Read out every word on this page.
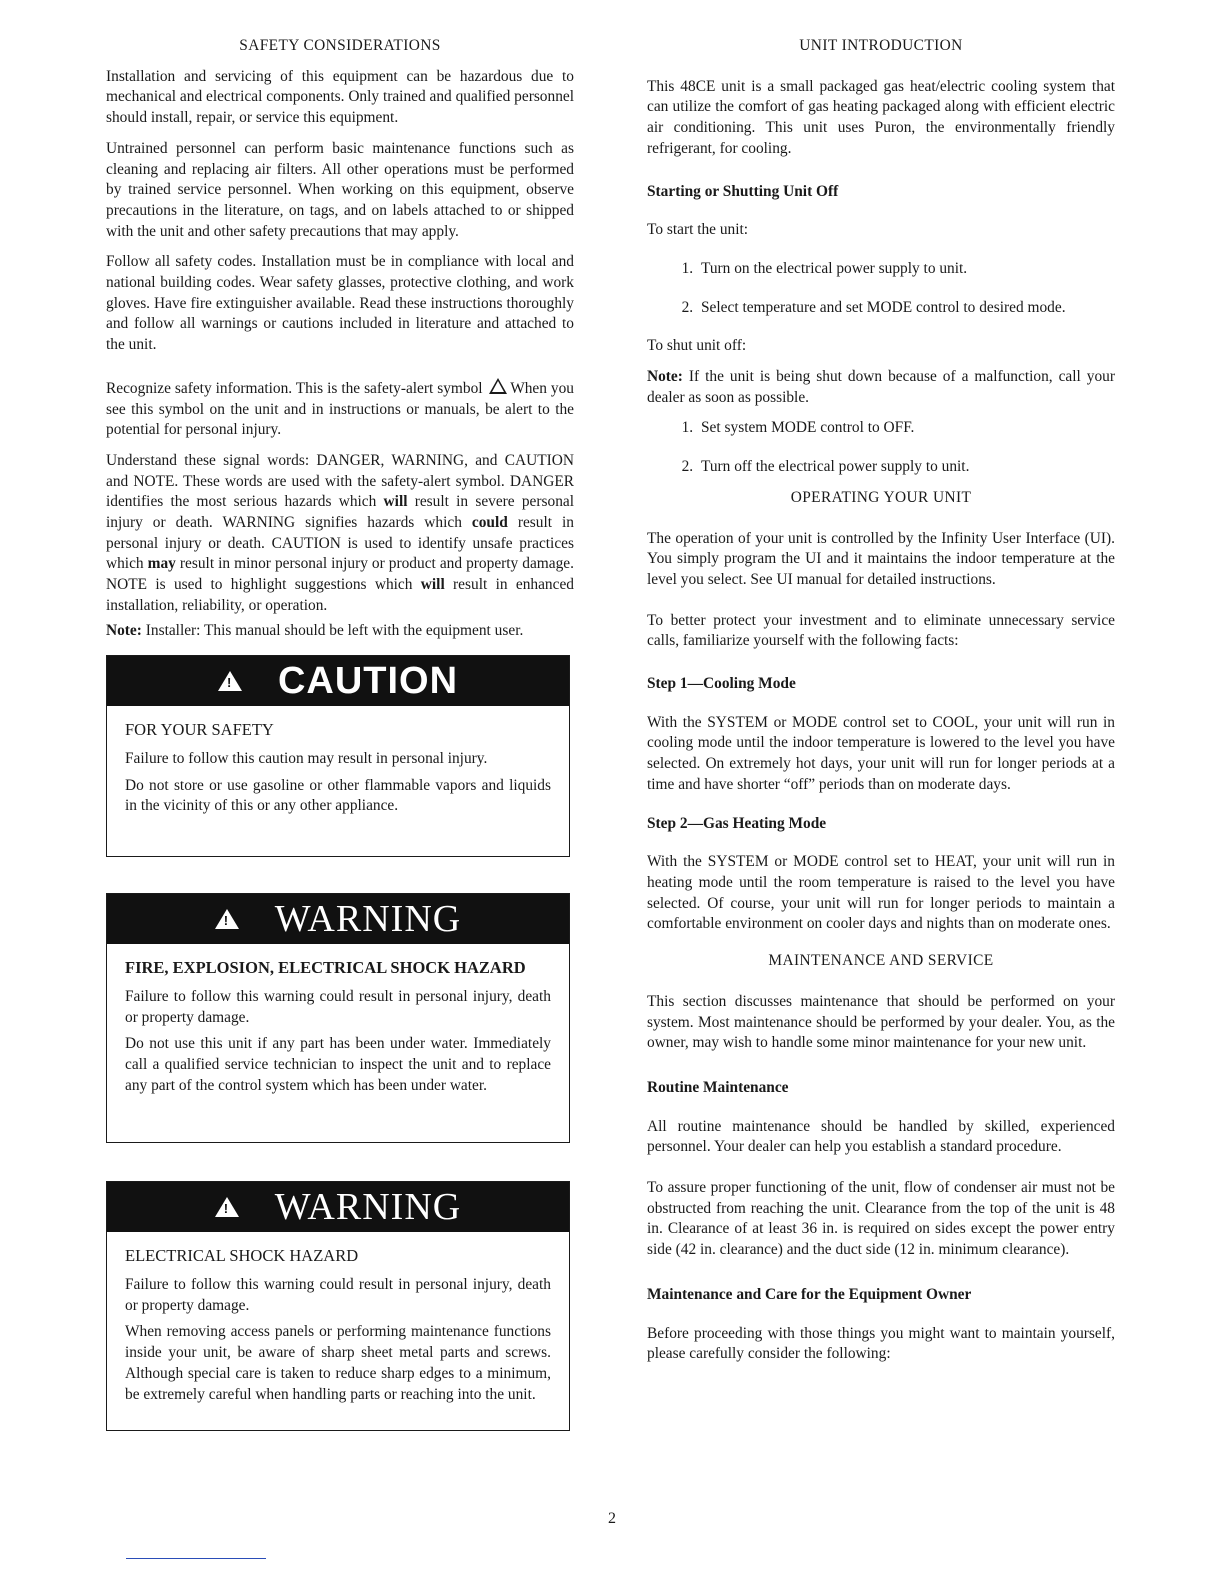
SAFETY CONSIDERATIONS

Installation and servicing of this equipment can be hazardous due to mechanical and electrical components. Only trained and qualified personnel should install, repair, or service this equipment.

Untrained personnel can perform basic maintenance functions such as cleaning and replacing air filters. All other operations must be performed by trained service personnel. When working on this equipment, observe precautions in the literature, on tags, and on labels attached to or shipped with the unit and other safety precautions that may apply.

Follow all safety codes. Installation must be in compliance with local and national building codes. Wear safety glasses, protective clothing, and work gloves. Have fire extinguisher available. Read these instructions thoroughly and follow all warnings or cautions included in literature and attached to the unit.

Recognize safety information. This is the safety-alert symbol When you see this symbol on the unit and in instructions or manuals, be alert to the potential for personal injury.

Understand these signal words: DANGER, WARNING, and CAUTION and NOTE. These words are used with the safety-alert symbol. DANGER identifies the most serious hazards which will result in severe personal injury or death. WARNING signifies hazards which could result in personal injury or death. CAUTION is used to identify unsafe practices which may result in minor personal injury or product and property damage. NOTE is used to highlight suggestions which will result in enhanced installation, reliability, or operation.

Note: Installer: This manual should be left with the equipment user.

!
CAUTION
FOR YOUR SAFETY

Failure to follow this caution may result in personal injury.

Do not store or use gasoline or other flammable vapors and liquids in the vicinity of this or any other appliance.

!
WARNING
FIRE, EXPLOSION, ELECTRICAL SHOCK HAZARD

Failure to follow this warning could result in personal injury, death or property damage.

Do not use this unit if any part has been under water. Immediately call a qualified service technician to inspect the unit and to replace any part of the control system which has been under water.

!
WARNING
ELECTRICAL SHOCK HAZARD

Failure to follow this warning could result in personal injury, death or property damage.

When removing access panels or performing maintenance functions inside your unit, be aware of sharp sheet metal parts and screws. Although special care is taken to reduce sharp edges to a minimum, be extremely careful when handling parts or reaching into the unit.

UNIT INTRODUCTION

This 48CE unit is a small packaged gas heat/electric cooling system that can utilize the comfort of gas heating packaged along with efficient electric air conditioning. This unit uses Puron, the environmentally friendly refrigerant, for cooling.

Starting or Shutting Unit Off

To start the unit:

1. Turn on the electrical power supply to unit.
2. Select temperature and set MODE control to desired mode.

To shut unit off:

Note: If the unit is being shut down because of a malfunction, call your dealer as soon as possible.

1. Set system MODE control to OFF.
2. Turn off the electrical power supply to unit.
OPERATING YOUR UNIT

The operation of your unit is controlled by the Infinity User Interface (UI). You simply program the UI and it maintains the indoor temperature at the level you select. See UI manual for detailed instructions.

To better protect your investment and to eliminate unnecessary service calls, familiarize yourself with the following facts:

Step 1—Cooling Mode

With the SYSTEM or MODE control set to COOL, your unit will run in cooling mode until the indoor temperature is lowered to the level you have selected. On extremely hot days, your unit will run for longer periods at a time and have shorter “off” periods than on moderate days.

Step 2—Gas Heating Mode

With the SYSTEM or MODE control set to HEAT, your unit will run in heating mode until the room temperature is raised to the level you have selected. Of course, your unit will run for longer periods to maintain a comfortable environment on cooler days and nights than on moderate ones.

MAINTENANCE AND SERVICE

This section discusses maintenance that should be performed on your system. Most maintenance should be performed by your dealer. You, as the owner, may wish to handle some minor maintenance for your new unit.

Routine Maintenance

All routine maintenance should be handled by skilled, experienced personnel. Your dealer can help you establish a standard procedure.

To assure proper functioning of the unit, flow of condenser air must not be obstructed from reaching the unit. Clearance from the top of the unit is 48 in. Clearance of at least 36 in. is required on sides except the power entry side (42 in. clearance) and the duct side (12 in. minimum clearance).

Maintenance and Care for the Equipment Owner

Before proceeding with those things you might want to maintain yourself, please carefully consider the following:

2
